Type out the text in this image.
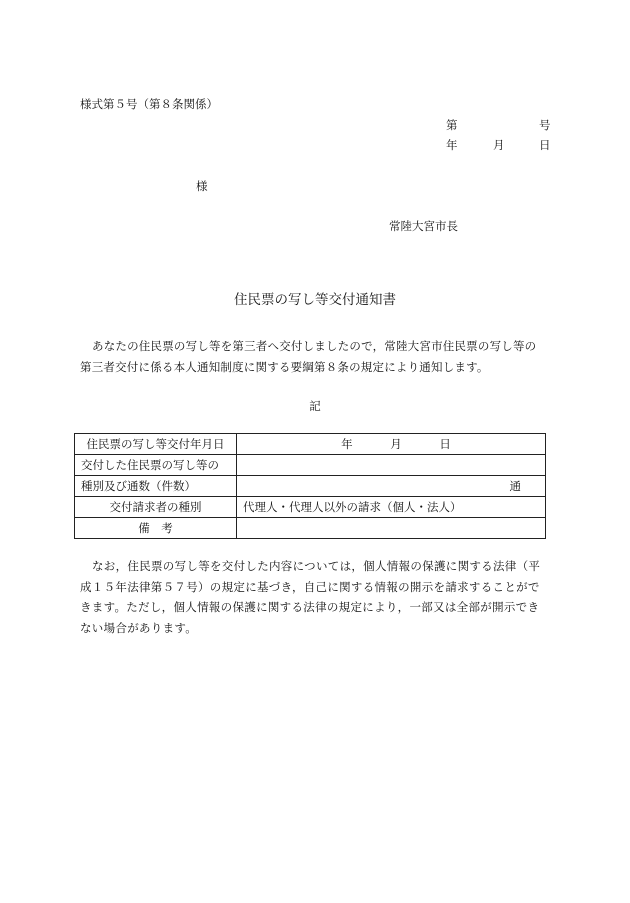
様式第５号（第８条関係）
第	号
年	月	日
様
常陸大宮市長
住民票の写し等交付通知書
あなたの住民票の写し等を第三者へ交付しましたので，常陸大宮市住民票の写し等の第三者交付に係る本人通知制度に関する要綱第８条の規定により通知します。
記
住民票の写し等交付年月日	年 月 日
交付した住民票の写し等の	
種別及び通数（件数）	通
交付請求者の種別	代理人・代理人以外の請求（個人・法人）
備　考	
なお，住民票の写し等を交付した内容については，個人情報の保護に関する法律（平成１５年法律第５７号）の規定に基づき，自己に関する情報の開示を請求することができます。ただし，個人情報の保護に関する法律の規定により，一部又は全部が開示できない場合があります。
